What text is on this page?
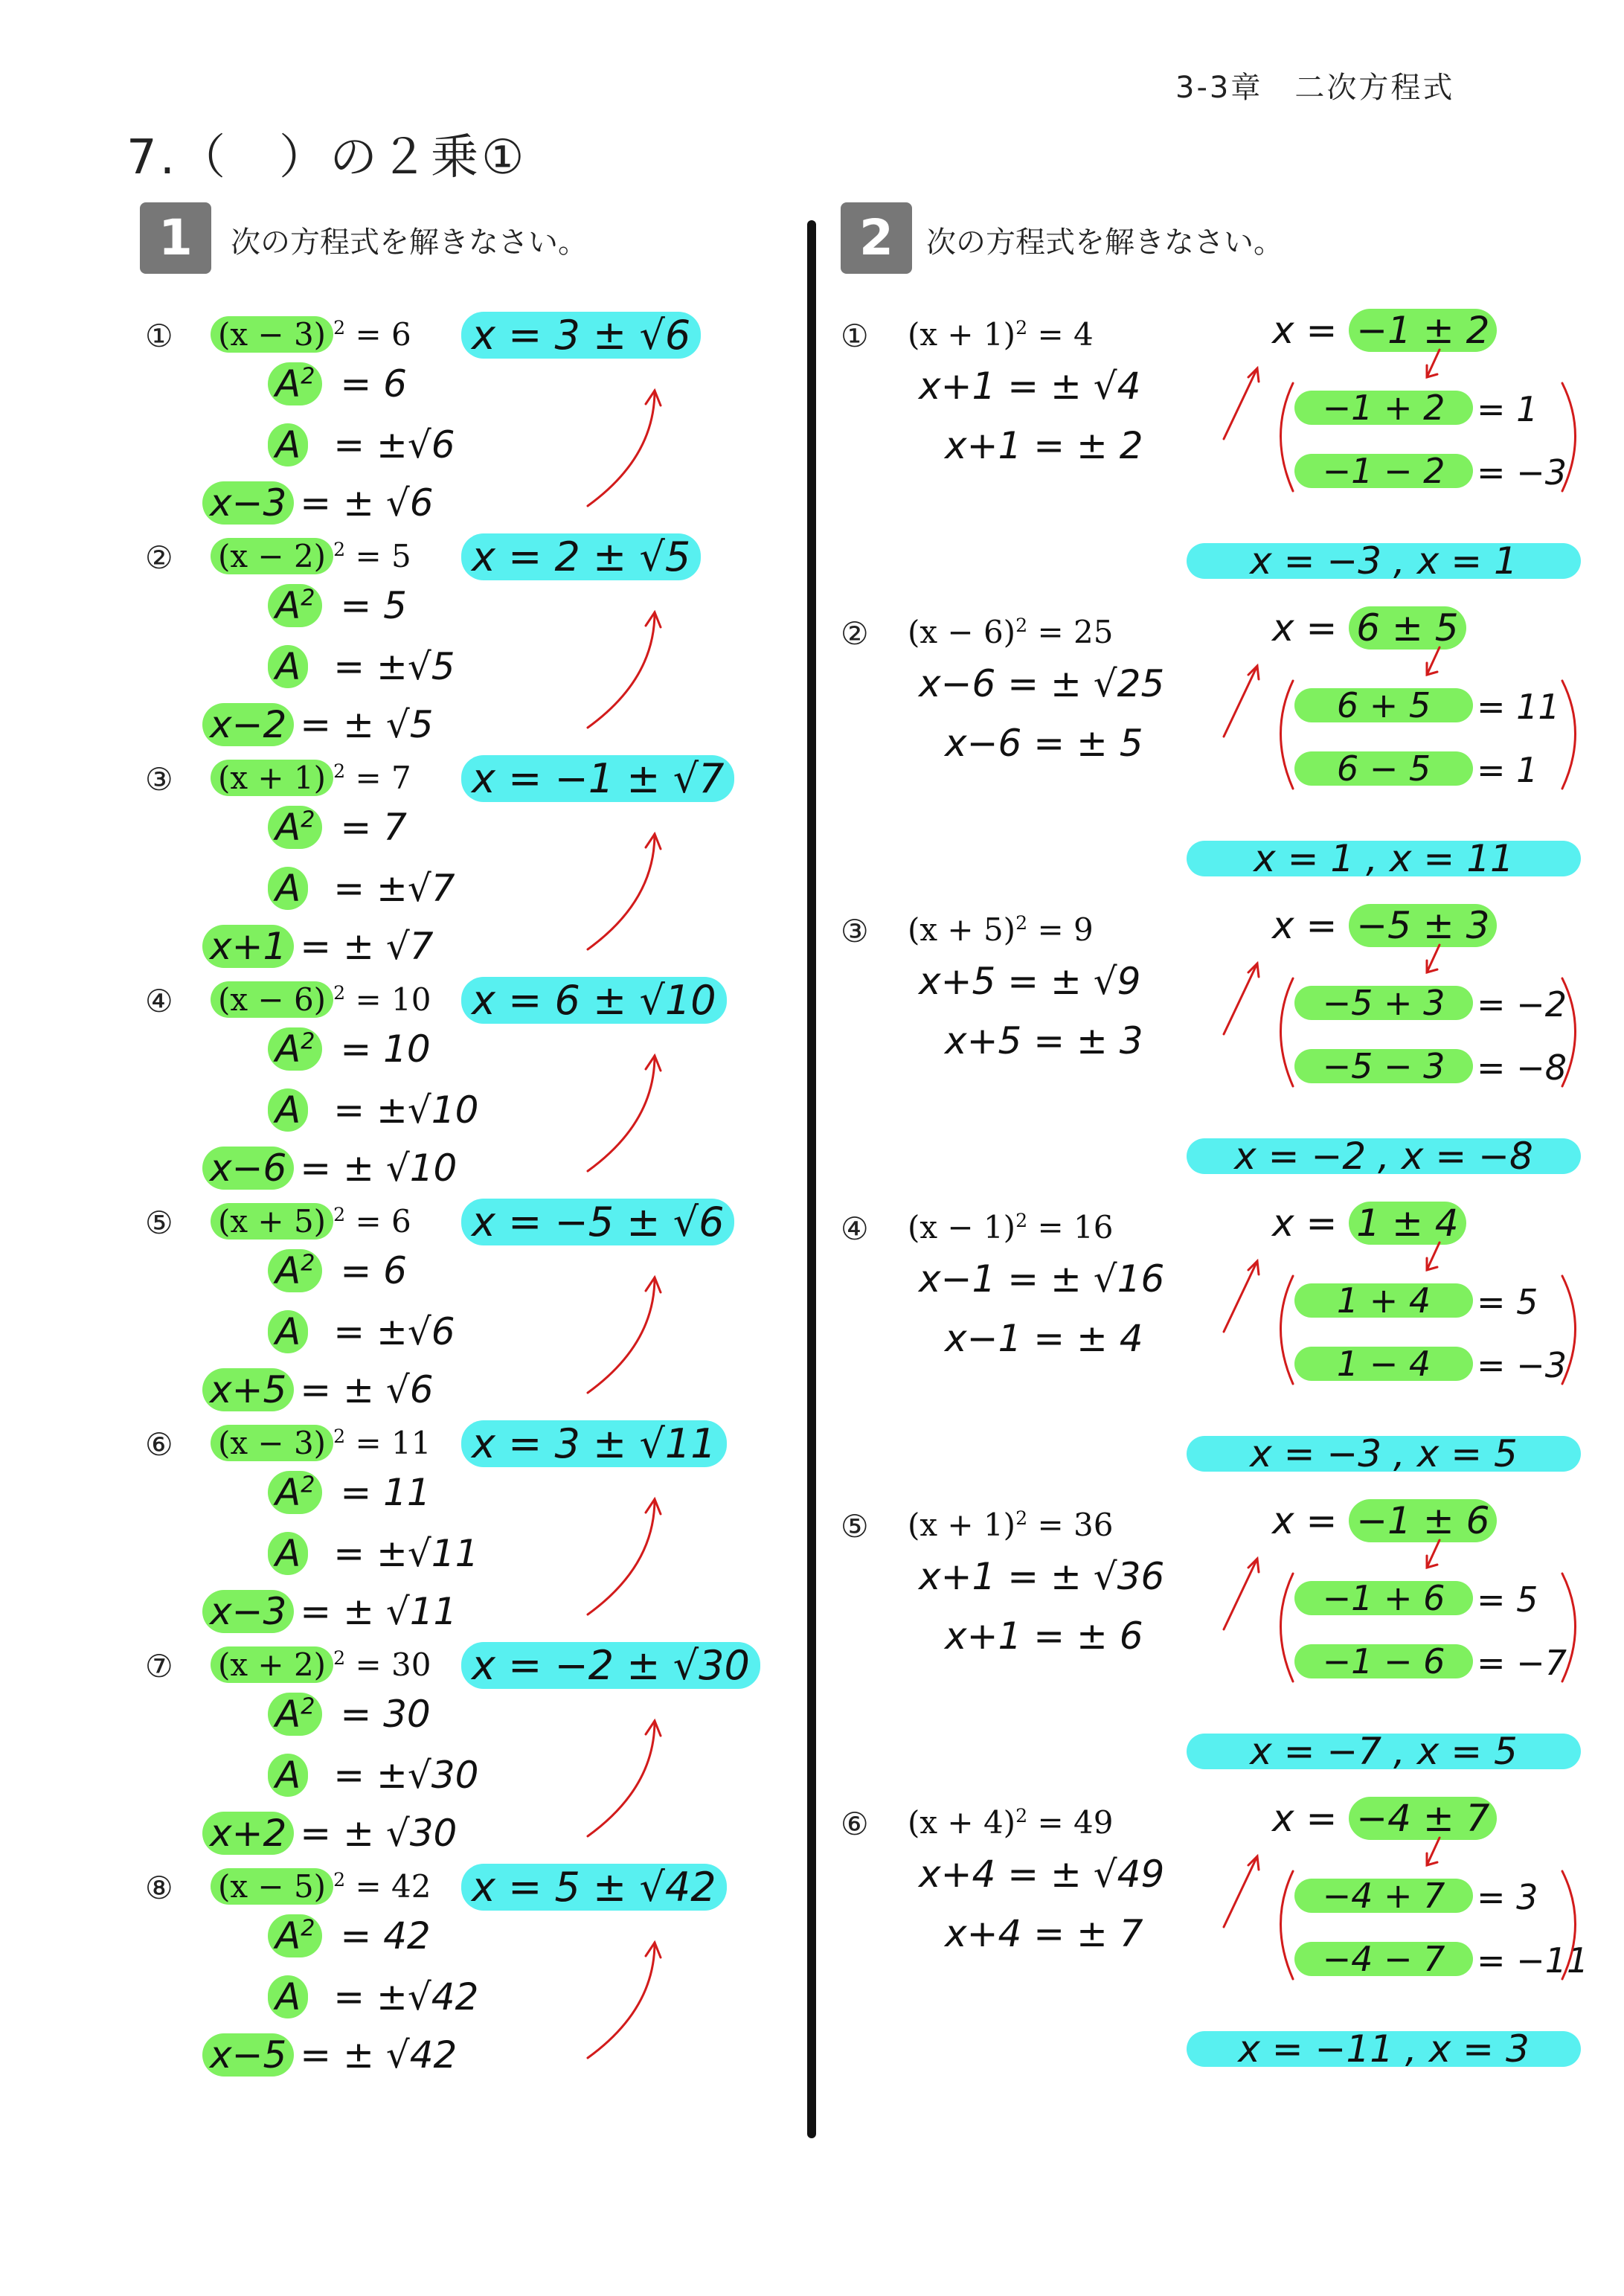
3-3章　二次方程式
7.（　）の２乗①
1	次の方程式を解きなさい。	2	次の方程式を解きなさい。
① (x − 3) $^2$ = 6
$A^2 = 6$
A = ±√6
x−3 = ± √6
x = 3 ± √6
② (x − 2) $^2$ = 5
$A^2 = 5$
A = ±√5
x−2 = ± √5
x = 2 ± √5
③ (x + 1) $^2$ = 7
$A^2 = 7$
A = ±√7
x+1 = ± √7
x = −1 ± √7
④ (x − 6) $^2$ = 10
$A^2 = 10$
A = ±√10
x−6 = ± √10
x = 6 ± √10
⑤ (x + 5) $^2$ = 6
$A^2 = 6$
A = ±√6
x+5 = ± √6
x = −5 ± √6
⑥ (x − 3) $^2$ = 11
$A^2 = 11$
A = ±√11
x−3 = ± √11
x = 3 ± √11
⑦ (x + 2) $^2$ = 30
$A^2 = 30$
A = ±√30
x+2 = ± √30
x = −2 ± √30
⑧ (x − 5) $^2$ = 42
$A^2 = 42$
A = ±√42
x−5 = ± √42
x = 5 ± √42
① $(x + 1)^2 = 4$
x+1 = ± √4
x+1 = ± 2
x = −1 ± 2
−1 + 2 = 1
−1 − 2 = −3
x = −3 , x = 1
② $(x - 6)^2 = 25$
x−6 = ± √25
x−6 = ± 5
x = 6 ± 5
6 + 5	= 11
6 − 5	= 1
x = 1 , x = 11
③ $(x + 5)^2 = 9$
x+5 = ± √9
x+5 = ± 3
x = −5 ± 3
−5 + 3 = −2
−5 − 3 = −8
x = −2 , x = −8
④ $(x - 1)^2 = 16$
x−1 = ± √16
x−1 = ± 4
x = 1 ± 4
1 + 4	= 5
1 − 4	= −3
x = −3 , x = 5
⑤ $(x + 1)^2 = 36$
x+1 = ± √36
x+1 = ± 6
x = −1 ± 6
−1 + 6 = 5
−1 − 6 = −7
x = −7 , x = 5
⑥ $(x + 4)^2 = 49$
x+4 = ± √49
x+4 = ± 7
x = −4 ± 7
−4 + 7 = 3
−4 − 7 = −11
x = −11 , x = 3
